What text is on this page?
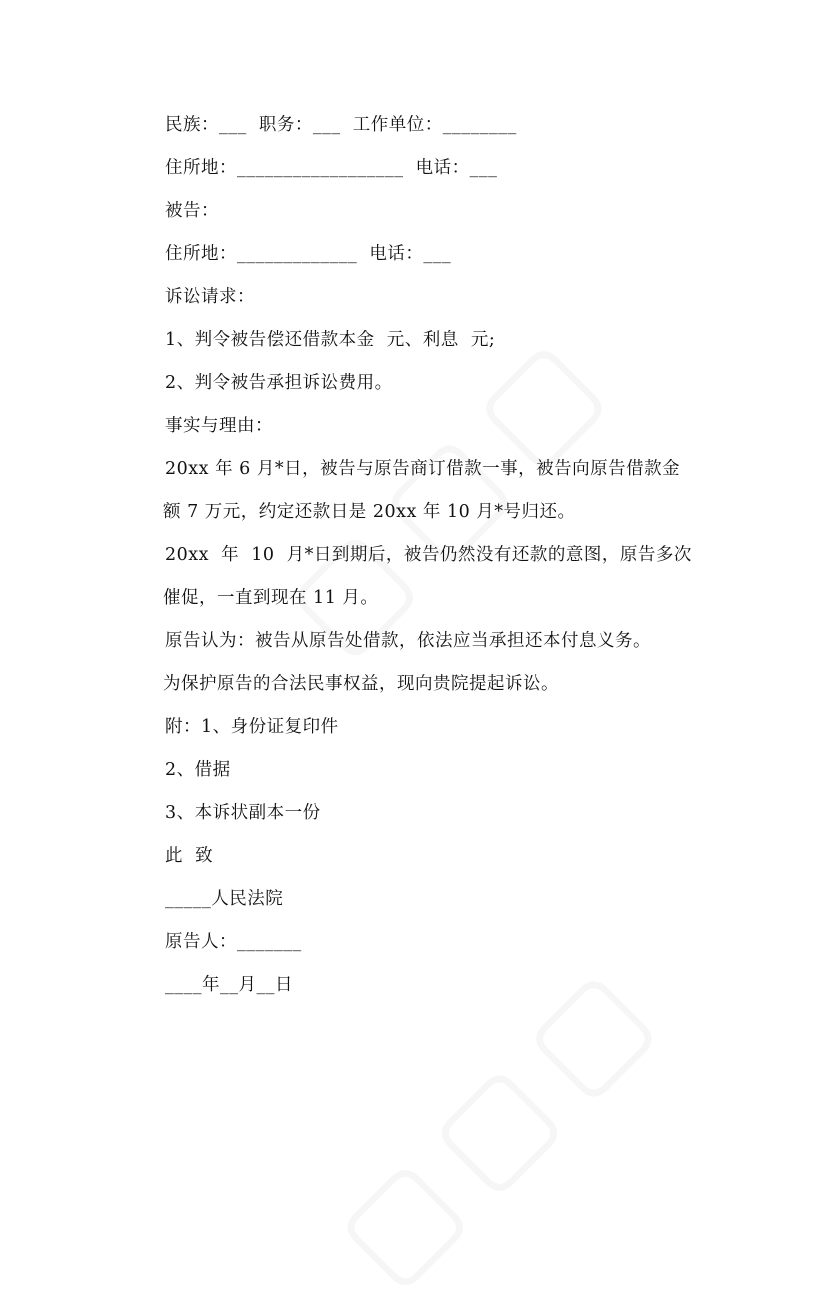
民族：___  职务：___  工作单位：________
住所地：__________________  电话：___
被告：
住所地：_____________  电话：___
诉讼请求：
1、判令被告偿还借款本金  元、利息  元;
2、判令被告承担诉讼费用。
事实与理由：
20xx 年 6 月*日，被告与原告商订借款一事，被告向原告借款金
额 7 万元，约定还款日是 20xx 年 10 月*号归还。
20xx  年  10  月*日到期后，被告仍然没有还款的意图，原告多次
催促，一直到现在 11 月。
原告认为：被告从原告处借款，依法应当承担还本付息义务。
为保护原告的合法民事权益，现向贵院提起诉讼。
附：1、身份证复印件
2、借据
3、本诉状副本一份
此  致
_____人民法院
原告人：_______
____年__月__日
